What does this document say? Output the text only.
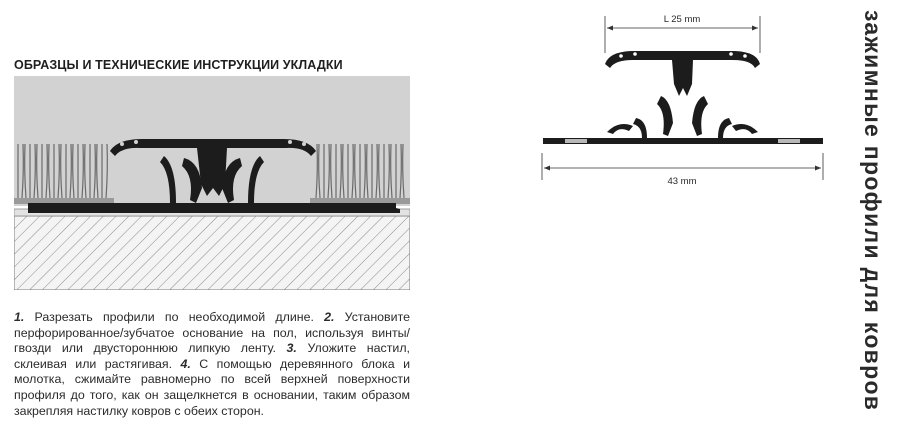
ОБРАЗЦЫ И ТЕХНИЧЕСКИЕ ИНСТРУКЦИИ УКЛАДКИ

1. Разрезать профили по необходимой длине. 2. Установите перфорированное/зубчатое основание на пол, используя винты/гвозди или двустороннюю липкую ленту. 3. Уложите настил, склеивая или растягивая. 4. С помощью деревянного блока и молотка, сжимайте равномерно по всей верхней поверхности профиля до того, как он защелкнется в основании, таким образом закрепляя настилку ковров с обеих сторон.

L 25 mm
43 mm	зажимные профили для ковров
